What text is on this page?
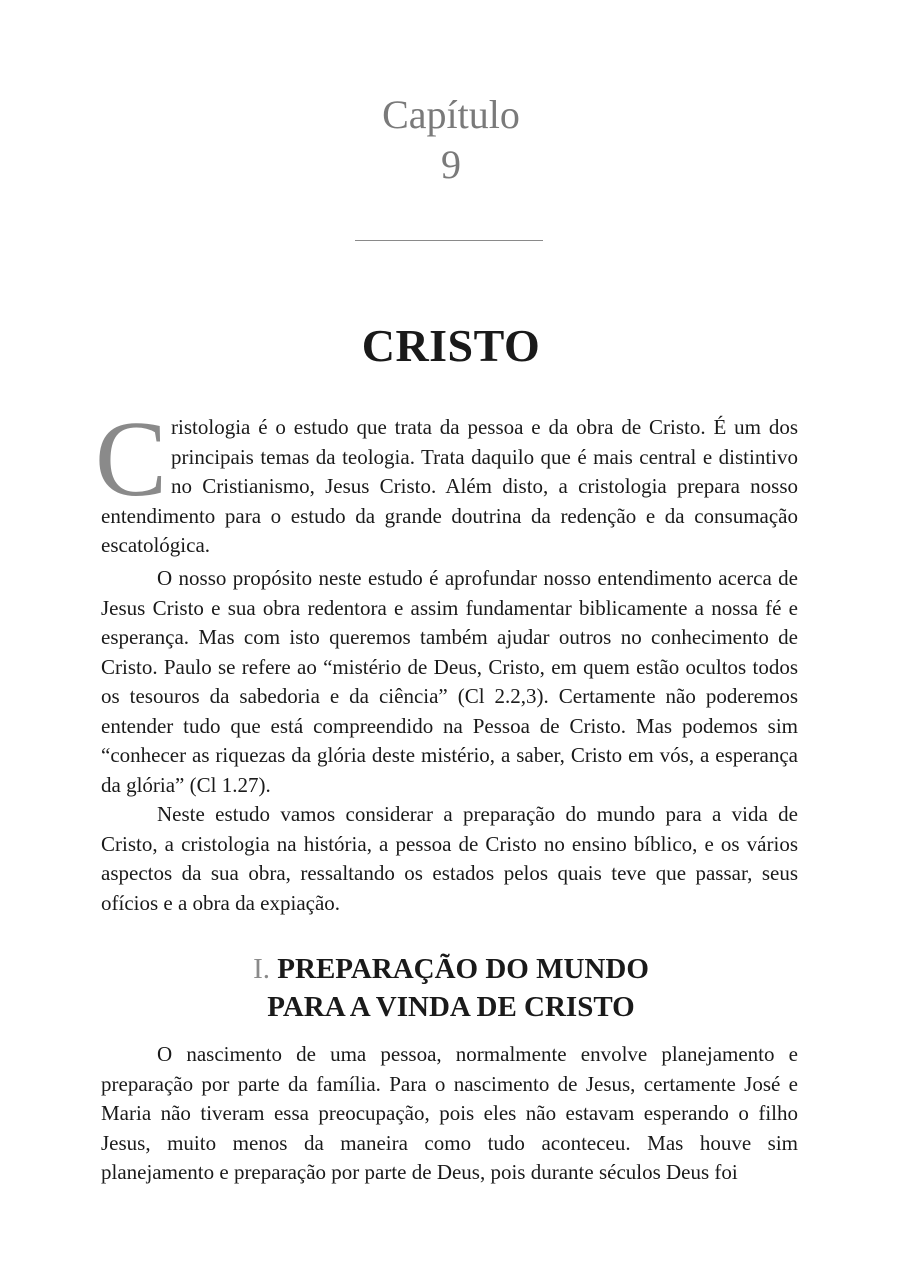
Capítulo
9
CRISTO

Cristologia é o estudo que trata da pessoa e da obra de Cristo. É um dos principais temas da teologia. Trata daquilo que é mais central e distintivo no Cristianismo, Jesus Cristo. Além disto, a cristologia prepara nosso entendimento para o estudo da grande doutrina da redenção e da consumação escatológica.

O nosso propósito neste estudo é aprofundar nosso entendimento acerca de Jesus Cristo e sua obra redentora e assim fundamentar biblicamente a nossa fé e esperança. Mas com isto queremos também ajudar outros no conhecimento de Cristo. Paulo se refere ao “mistério de Deus, Cristo, em quem estão ocultos todos os tesouros da sabedoria e da ciência” (Cl 2.2,3). Certamente não poderemos entender tudo que está compreendido na Pessoa de Cristo. Mas podemos sim “conhecer as riquezas da glória deste mistério, a saber, Cristo em vós, a esperança da glória” (Cl 1.27).

Neste estudo vamos considerar a preparação do mundo para a vida de Cristo, a cristologia na história, a pessoa de Cristo no ensino bíblico, e os vários aspectos da sua obra, ressaltando os estados pelos quais teve que passar, seus ofícios e a obra da expiação.

I. PREPARAÇÃO DO MUNDO
PARA A VINDA DE CRISTO

O nascimento de uma pessoa, normalmente envolve planejamento e preparação por parte da família. Para o nascimento de Jesus, certamente José e Maria não tiveram essa preocupação, pois eles não estavam esperando o filho Jesus, muito menos da maneira como tudo aconteceu. Mas houve sim planejamento e preparação por parte de Deus, pois durante séculos Deus foi
